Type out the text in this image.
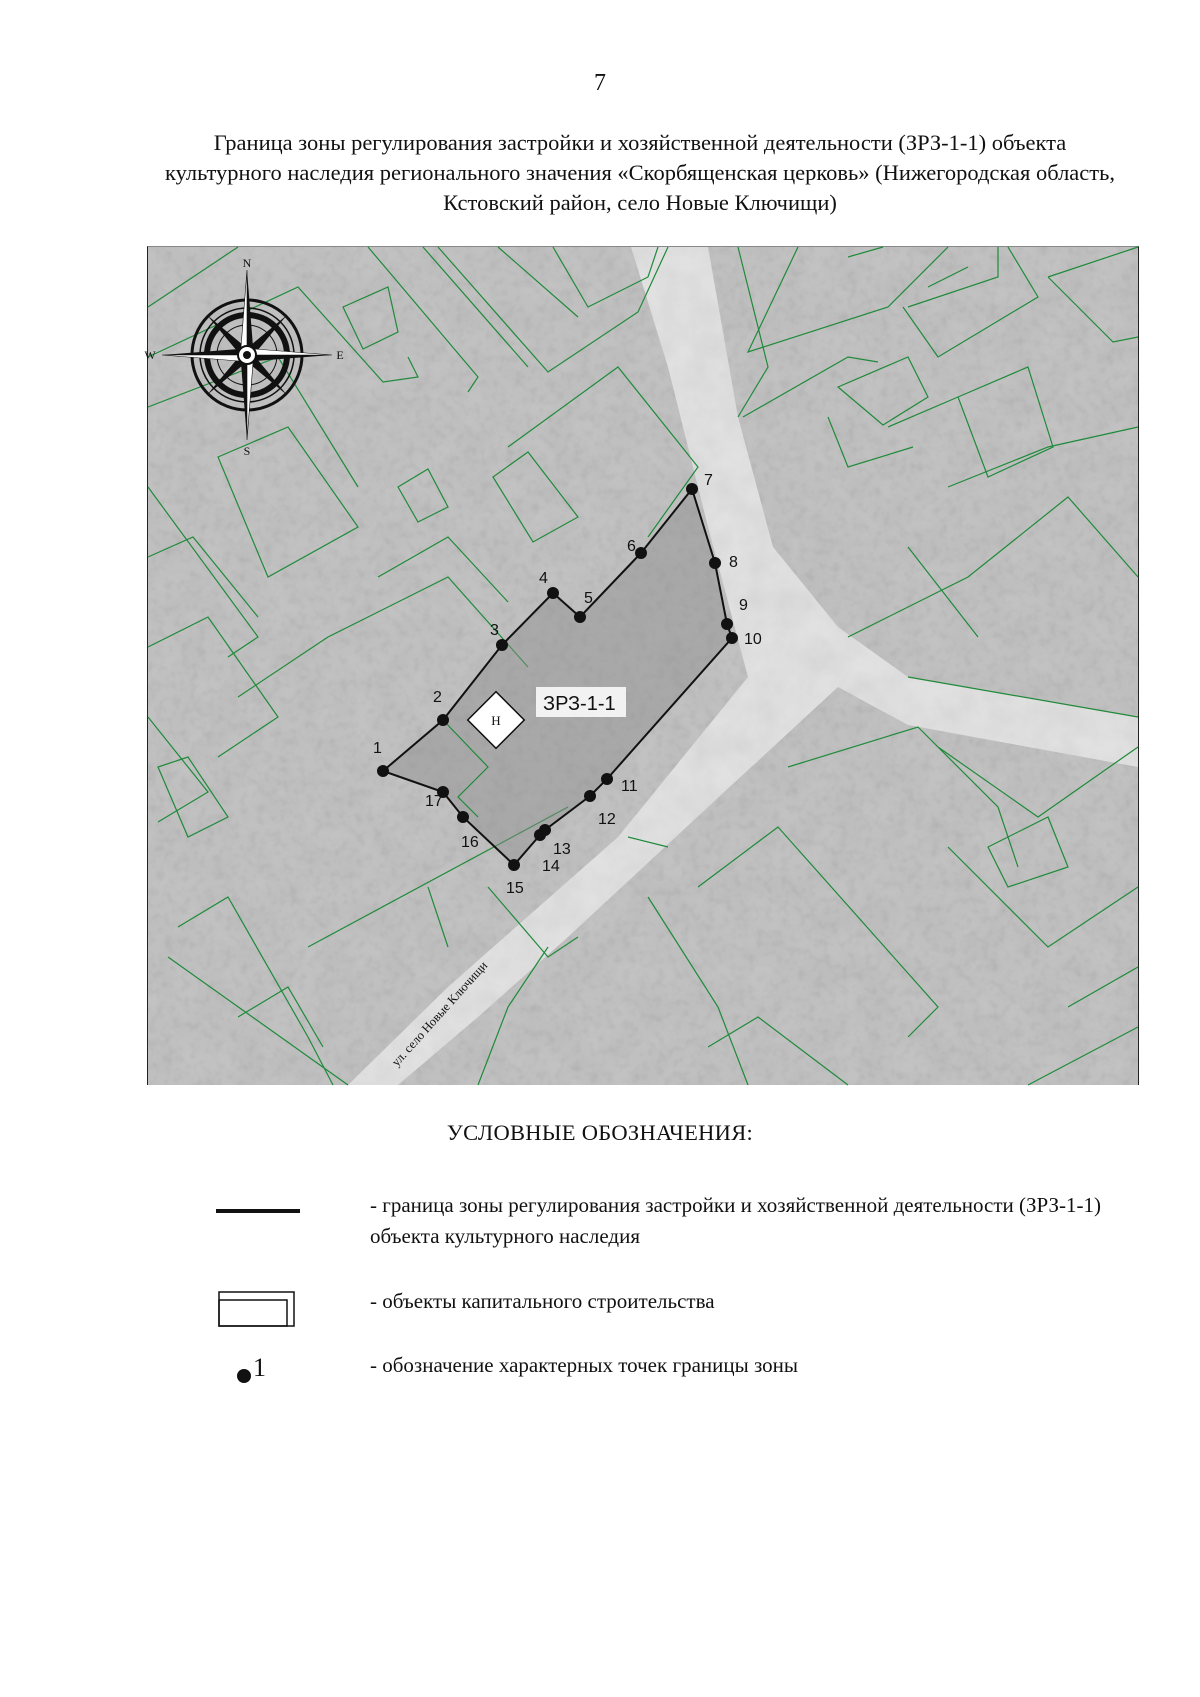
7
Граница зоны регулирования застройки и хозяйственной деятельности (ЗРЗ-1-1) объекта культурного наследия регионального значения «Скорбященская церковь» (Нижегородская область, Кстовский район, село Новые Ключищи)
1
2
3
4
5
6
7
8
9
10
11
12
13
14
15
16
17
Н
ЗРЗ-1-1
ул. село Новые Ключищи
N
S
W	E
УСЛОВНЫЕ ОБОЗНАЧЕНИЯ:
- граница зоны регулирования застройки и хозяйственной деятельности (ЗРЗ-1-1) объекта культурного наследия
- объекты капитального строительства
1	- обозначение характерных точек границы зоны
